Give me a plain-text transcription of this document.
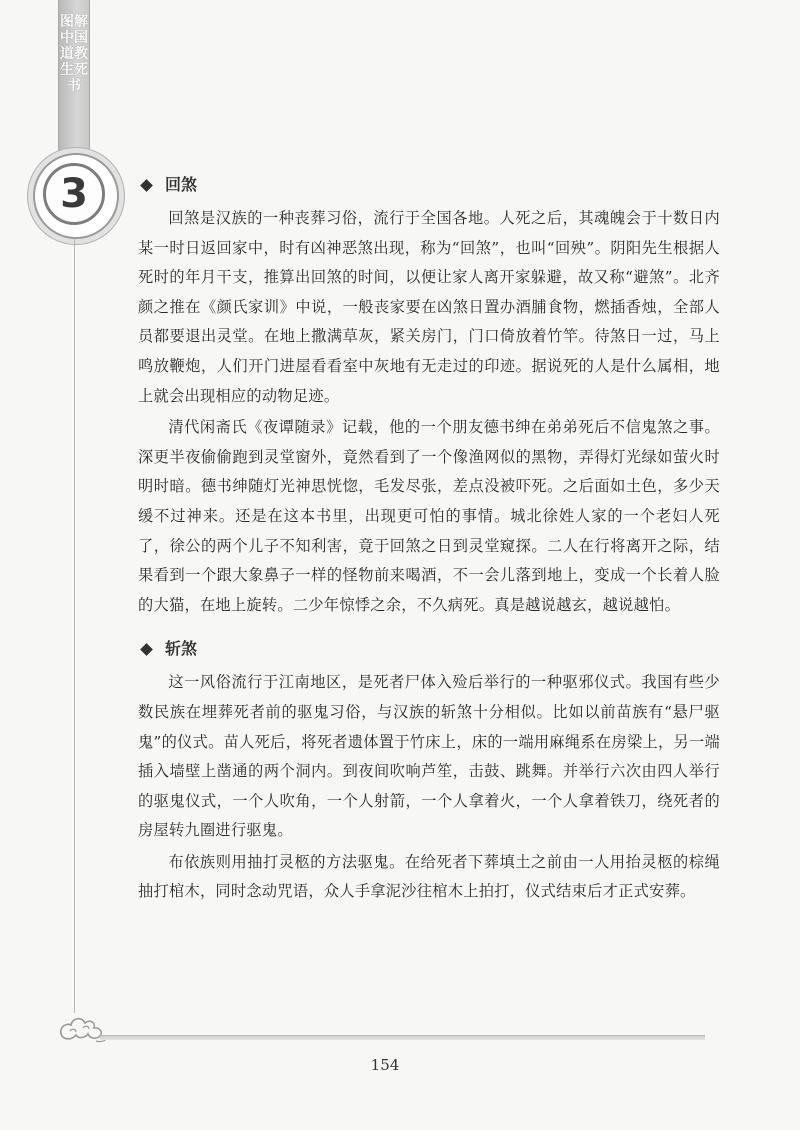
图解中国道教生死书
3	回煞

回煞是汉族的一种丧葬习俗，流行于全国各地。人死之后，其魂魄会于十数日内某一时日返回家中，时有凶神恶煞出现，称为“回煞”，也叫“回殃”。阴阳先生根据人死时的年月干支，推算出回煞的时间，以便让家人离开家躲避，故又称“避煞”。北齐颜之推在《颜氏家训》中说，一般丧家要在凶煞日置办酒脯食物，燃插香烛，全部人员都要退出灵堂。在地上撒满草灰，紧关房门，门口倚放着竹竿。待煞日一过，马上鸣放鞭炮，人们开门进屋看看室中灰地有无走过的印迹。据说死的人是什么属相，地上就会出现相应的动物足迹。

清代闲斋氏《夜谭随录》记载，他的一个朋友德书绅在弟弟死后不信鬼煞之事。深更半夜偷偷跑到灵堂窗外，竟然看到了一个像渔网似的黑物，弄得灯光绿如萤火时明时暗。德书绅随灯光神思恍惚，毛发尽张，差点没被吓死。之后面如土色，多少天缓不过神来。还是在这本书里，出现更可怕的事情。城北徐姓人家的一个老妇人死了，徐公的两个儿子不知利害，竟于回煞之日到灵堂窥探。二人在行将离开之际，结果看到一个跟大象鼻子一样的怪物前来喝酒，不一会儿落到地上，变成一个长着人脸的大猫，在地上旋转。二少年惊悸之余，不久病死。真是越说越玄，越说越怕。

斩煞

这一风俗流行于江南地区，是死者尸体入殓后举行的一种驱邪仪式。我国有些少数民族在埋葬死者前的驱鬼习俗，与汉族的斩煞十分相似。比如以前苗族有“悬尸驱鬼”的仪式。苗人死后，将死者遗体置于竹床上，床的一端用麻绳系在房梁上，另一端插入墙壁上凿通的两个洞内。到夜间吹响芦笙，击鼓、跳舞。并举行六次由四人举行的驱鬼仪式，一个人吹角，一个人射箭，一个人拿着火，一个人拿着铁刀，绕死者的房屋转九圈进行驱鬼。

布依族则用抽打灵柩的方法驱鬼。在给死者下葬填土之前由一人用抬灵柩的棕绳抽打棺木，同时念动咒语，众人手拿泥沙往棺木上拍打，仪式结束后才正式安葬。

154
